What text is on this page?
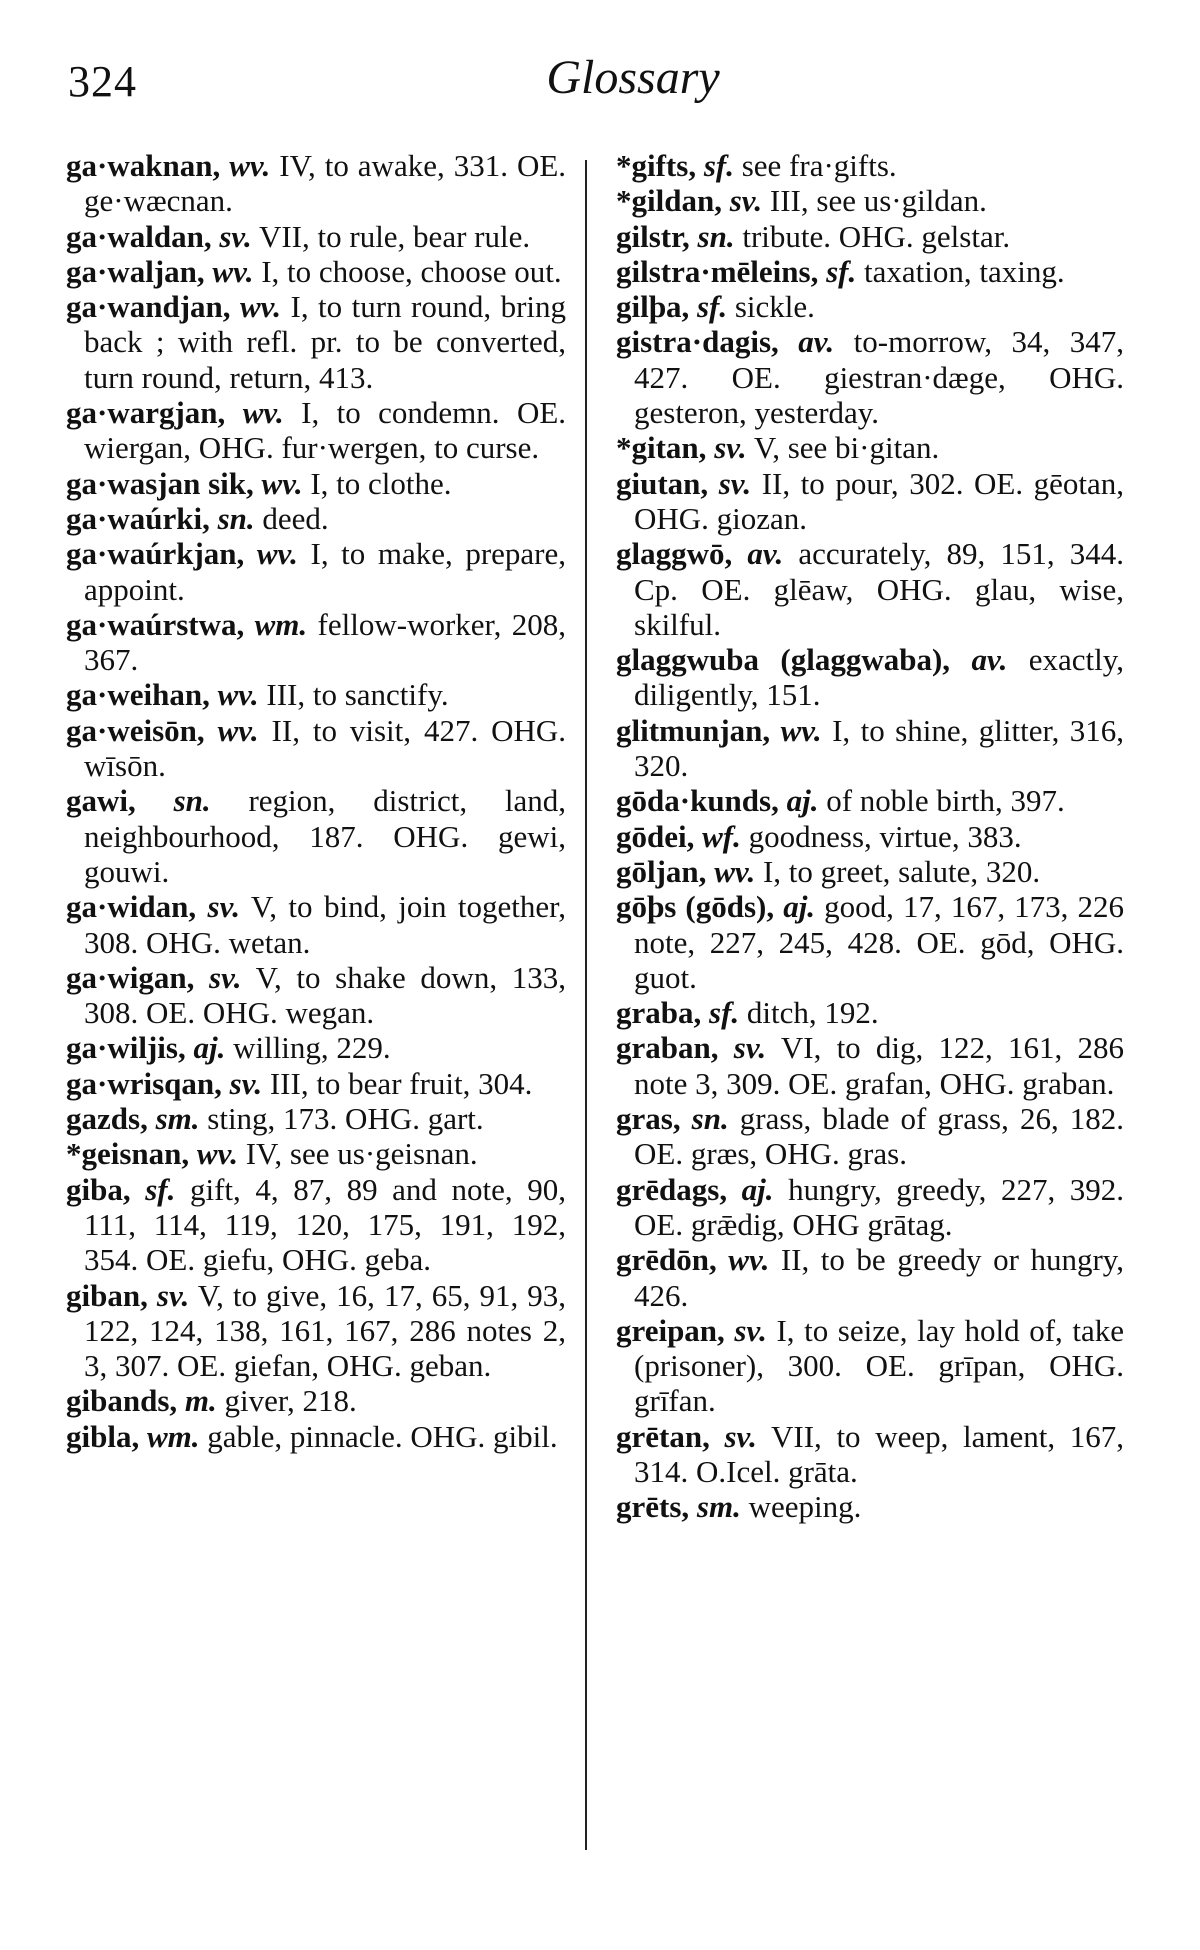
324	Glossary

ga·waknan, wv. IV, to awake, 331. OE. ge·wæcnan.

ga·waldan, sv. VII, to rule, bear rule.

ga·waljan, wv. I, to choose, choose out.

ga·wandjan, wv. I, to turn round, bring back ; with refl. pr. to be converted, turn round, return, 413.

ga·wargjan, wv. I, to condemn. OE. wiergan, OHG. fur·wergen, to curse.

ga·wasjan sik, wv. I, to clothe.

ga·waúrki, sn. deed.

ga·waúrkjan, wv. I, to make, prepare, appoint.

ga·waúrstwa, wm. fellow-worker, 208, 367.

ga·weihan, wv. III, to sanctify.

ga·weisōn, wv. II, to visit, 427. OHG. wīsōn.

gawi, sn. region, district, land, neighbourhood, 187. OHG. gewi, gouwi.

ga·widan, sv. V, to bind, join together, 308. OHG. wetan.

ga·wigan, sv. V, to shake down, 133, 308. OE. OHG. wegan.

ga·wiljis, aj. willing, 229.

ga·wrisqan, sv. III, to bear fruit, 304.

gazds, sm. sting, 173. OHG. gart.

*geisnan, wv. IV, see us·geisnan.

giba, sf. gift, 4, 87, 89 and note, 90, 111, 114, 119, 120, 175, 191, 192, 354. OE. giefu, OHG. geba.

giban, sv. V, to give, 16, 17, 65, 91, 93, 122, 124, 138, 161, 167, 286 notes 2, 3, 307. OE. giefan, OHG. geban.

gibands, m. giver, 218.

gibla, wm. gable, pinnacle. OHG. gibil.

*gifts, sf. see fra·gifts.

*gildan, sv. III, see us·gildan.

gilstr, sn. tribute. OHG. gelstar.

gilstra·mēleins, sf. taxation, taxing.

gilþa, sf. sickle.

gistra·dagis, av. to-morrow, 34, 347, 427. OE. giestran·dæge, OHG. gesteron, yesterday.

*gitan, sv. V, see bi·gitan.

giutan, sv. II, to pour, 302. OE. gēotan, OHG. giozan.

glaggwō, av. accurately, 89, 151, 344. Cp. OE. glēaw, OHG. glau, wise, skilful.

glaggwuba (glaggwaba), av. exactly, diligently, 151.

glitmunjan, wv. I, to shine, glitter, 316, 320.

gōda·kunds, aj. of noble birth, 397.

gōdei, wf. goodness, virtue, 383.

gōljan, wv. I, to greet, salute, 320.

gōþs (gōds), aj. good, 17, 167, 173, 226 note, 227, 245, 428. OE. gōd, OHG. guot.

graba, sf. ditch, 192.

graban, sv. VI, to dig, 122, 161, 286 note 3, 309. OE. grafan, OHG. graban.

gras, sn. grass, blade of grass, 26, 182. OE. græs, OHG. gras.

grēdags, aj. hungry, greedy, 227, 392. OE. grǣdig, OHG grātag.

grēdōn, wv. II, to be greedy or hungry, 426.

greipan, sv. I, to seize, lay hold of, take (prisoner), 300. OE. grīpan, OHG. grīfan.

grētan, sv. VII, to weep, lament, 167, 314. O.Icel. grāta.

grēts, sm. weeping.
